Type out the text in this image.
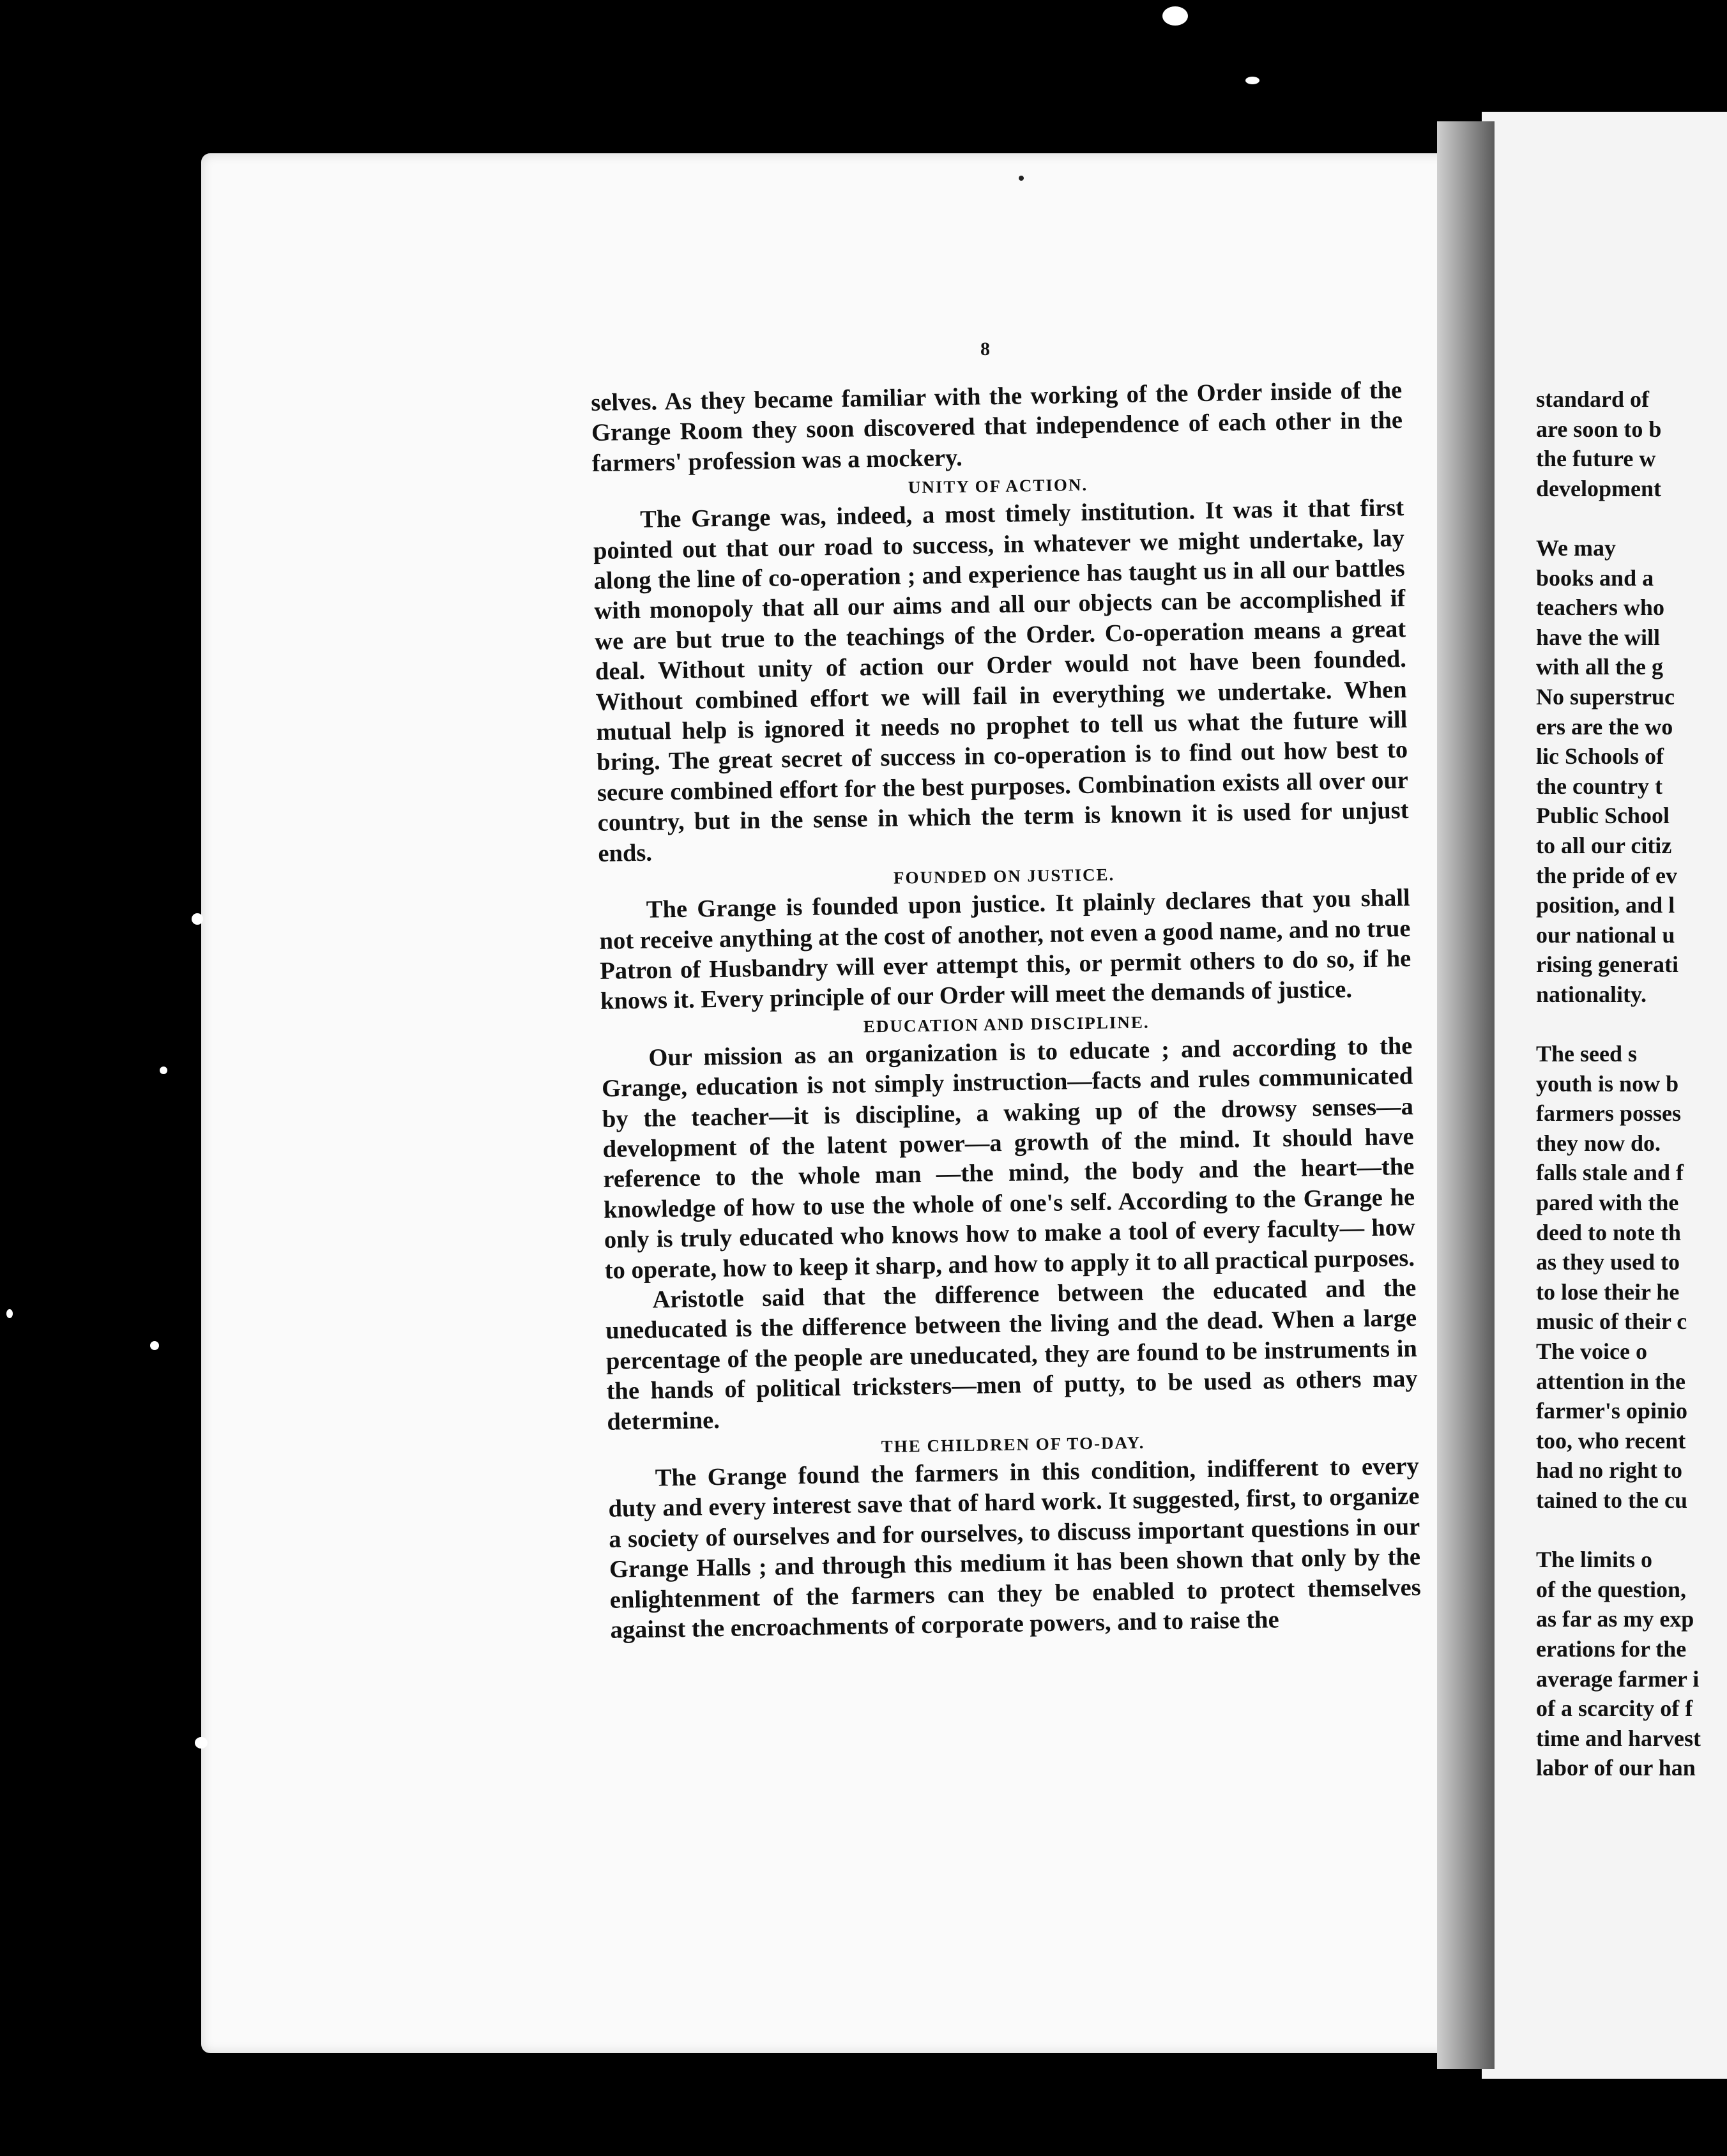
8

selves. As they became familiar with the working of the Order inside of the Grange Room they soon discovered that independence of each other in the farmers' profession was a mockery.

UNITY OF ACTION.

The Grange was, indeed, a most timely institution. It was it that first pointed out that our road to success, in whatever we might undertake, lay along the line of co-operation ; and experience has taught us in all our battles with monopoly that all our aims and all our objects can be accomplished if we are but true to the teachings of the Order. Co-operation means a great deal. Without unity of action our Order would not have been founded. Without combined effort we will fail in everything we undertake. When mutual help is ignored it needs no prophet to tell us what the future will bring. The great secret of success in co-operation is to find out how best to secure combined effort for the best purposes. Combination exists all over our country, but in the sense in which the term is known it is used for unjust ends.

FOUNDED ON JUSTICE.

The Grange is founded upon justice. It plainly declares that you shall not receive anything at the cost of another, not even a good name, and no true Patron of Husbandry will ever attempt this, or permit others to do so, if he knows it. Every principle of our Order will meet the demands of justice.

EDUCATION AND DISCIPLINE.

Our mission as an organization is to educate ; and according to the Grange, education is not simply instruction—facts and rules communicated by the teacher—it is discipline, a waking up of the drowsy senses—a development of the latent power—a growth of the mind. It should have reference to the whole man —the mind, the body and the heart—the knowledge of how to use the whole of one's self. According to the Grange he only is truly educated who knows how to make a tool of every faculty— how to operate, how to keep it sharp, and how to apply it to all practical purposes.

Aristotle said that the difference between the educated and the uneducated is the difference between the living and the dead. When a large percentage of the people are uneducated, they are found to be instruments in the hands of political tricksters—men of putty, to be used as others may determine.

THE CHILDREN OF TO-DAY.

The Grange found the farmers in this condition, indifferent to every duty and every interest save that of hard work. It suggested, first, to organize a society of ourselves and for ourselves, to discuss important questions in our Grange Halls ; and through this medium it has been shown that only by the enlightenment of the farmers can they be enabled to protect themselves against the encroachments of corporate powers, and to raise the

standard of
are soon to b
the future w
development
We may
books and a
teachers who
have the will
with all the g
No superstruc
ers are the wo
lic Schools of
the country t
Public School
to all our citiz
the pride of ev
position, and l
our national u
rising generati
nationality.
The seed s
youth is now b
farmers posses
they now do.
falls stale and f
pared with the
deed to note th
as they used to
to lose their he
music of their c
The voice o
attention in the
farmer's opinio
too, who recent
had no right to
tained to the cu
The limits o
of the question,
as far as my exp
erations for the
average farmer i
of a scarcity of f
time and harvest
labor of our han
